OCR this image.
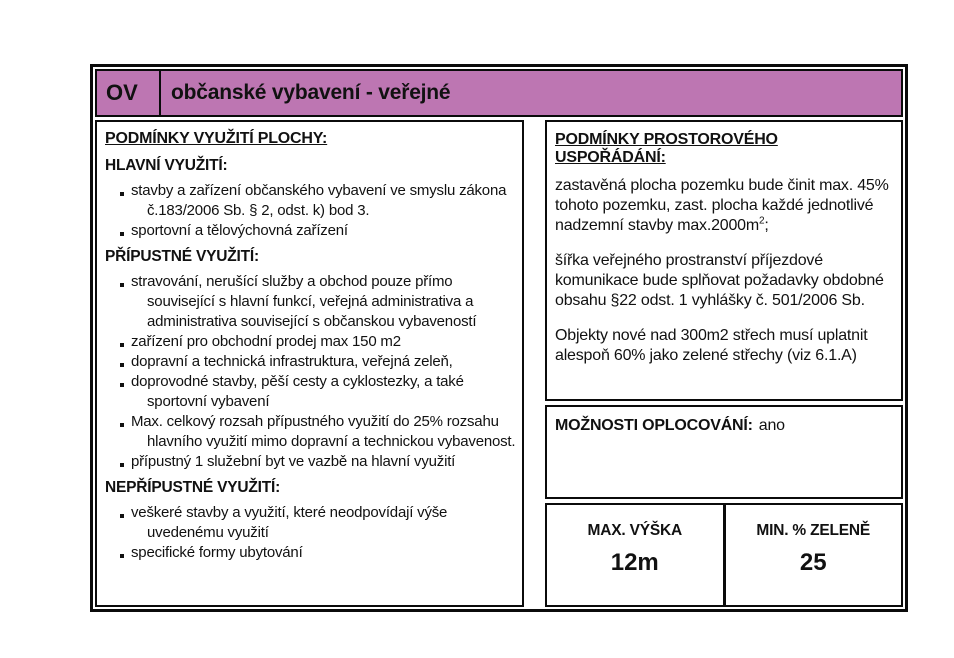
OV	občanské vybavení - veřejné
PODMÍNKY VYUŽITÍ PLOCHY:
HLAVNÍ VYUŽITÍ:
stavby a zařízení občanského vybavení ve smyslu zákona č.183/2006 Sb. § 2, odst. k) bod 3.
sportovní a tělovýchovná zařízení
PŘÍPUSTNÉ VYUŽITÍ:
stravování, nerušící služby a obchod pouze přímo související s hlavní funkcí, veřejná administrativa a administrativa související s občanskou vybaveností
zařízení pro obchodní prodej max 150 m2
dopravní a technická infrastruktura, veřejná zeleň,
doprovodné stavby, pěší cesty a cyklostezky, a také sportovní vybavení
Max. celkový rozsah přípustného využití do 25% rozsahu hlavního využití mimo dopravní a technickou vybavenost.
přípustný 1 služební byt ve vazbě na hlavní využití
NEPŘÍPUSTNÉ VYUŽITÍ:
veškeré stavby a využití, které neodpovídají výše uvedenému využití
specifické formy ubytování
PODMÍNKY PROSTOROVÉHO USPOŘÁDÁNÍ:

zastavěná plocha pozemku bude činit max. 45% tohoto pozemku, zast. plocha každé jednotlivé nadzemní stavby $\max.2000m^2$;

šířka veřejného prostranství příjezdové komunikace bude splňovat požadavky obdobné obsahu §22 odst. 1 vyhlášky č. 501/2006 Sb.

Objekty nové nad 300m2 střech musí uplatnit alespoň 60% jako zelené střechy (viz 6.1.A)

MOŽNOSTI OPLOCOVÁNÍ: ano
MAX. VÝŠKA
12m
MIN. % ZELENĚ
25
